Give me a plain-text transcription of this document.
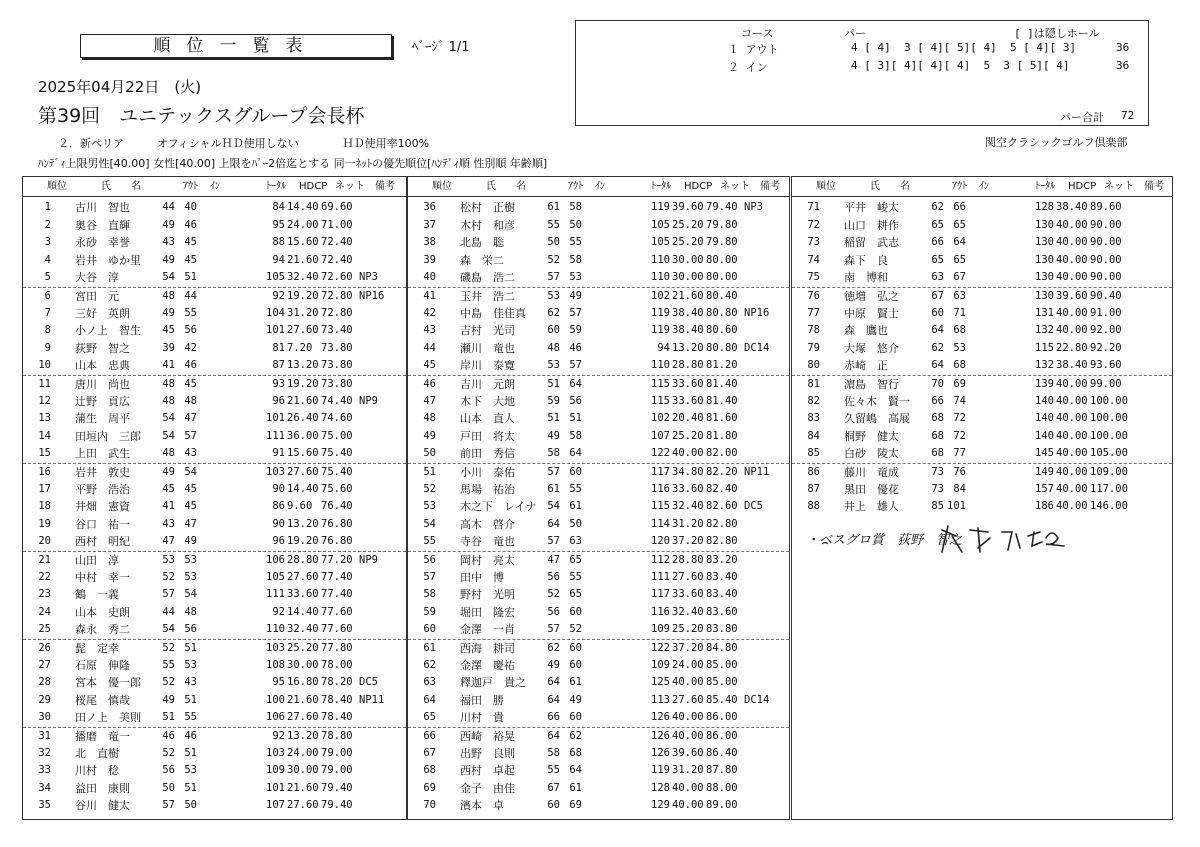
順位一覧表	ﾍﾞｰｼﾞ 1/1
コース	パー	[ ]は隠しホール
１ アウト	4 [ 4]  3 [ 4][ 5][ 4]  5 [ 4][ 3]	36
２ イン	4 [ 3][ 4][ 4][ 4]  5  3 [ 5][ 4]	36
パー合計 72
2025年04月22日　(火)
第39回　ユニテックスグループ会長杯
２．新ペリア　　　オフィシャルＨＤ使用しない　　　　ＨＤ使用率100%	関空クラシックゴルフ倶楽部
ﾊﾝﾃﾞｨ上限男性[40.00] 女性[40.00] 上限をﾊﾟｰ2倍迄とする 同一ﾈｯﾄの優先順位[ﾊﾝﾃﾞｨ順 性別順 年齢順]
順位	氏　　名	ｱｳﾄ ｲﾝ	ﾄｰﾀﾙ HDCP ネット 備考
1 古川　智也	44 40	84 14.40 69.60
2 奥谷　直輝	49 46	95 24.00 71.00
3 永砂　幸誉	43 45	88 15.60 72.40
4 岩井　ゆか里	49 45	94 21.60 72.40
5 大谷　淳	54 51	105 32.40 72.60 NP3
6 宮田　元	48 44	92 19.20 72.80 NP16
7 三好　英朗	49 55	104 31.20 72.80
8 小ノ上　智生	45 56	101 27.60 73.40
9 荻野　智之	39 42	81 7.20 73.80
10 山本　忠典	41 46	87 13.20 73.80
11 唐川　尚也	48 45	93 19.20 73.80
12 辻野　貢広	48 48	96 21.60 74.40 NP9
13 蒲生　周平	54 47	101 26.40 74.60
14 田垣内　三郎	54 57	111 36.00 75.00
15 上田　武生	48 43	91 15.60 75.40
16 岩井　敦史	49 54	103 27.60 75.40
17 平野　浩治	45 45	90 14.40 75.60
18 井畑　憲資	41 45	86 9.60 76.40
19 谷口　祐一	43 47	90 13.20 76.80
20 西村　明紀	47 49	96 19.20 76.80
21 山田　淳	53 53	106 28.80 77.20 NP9
22 中村　幸一	52 53	105 27.60 77.40
23 鶴　一義	57 54	111 33.60 77.40
24 山本　史朗	44 48	92 14.40 77.60
25 森永　秀二	54 56	110 32.40 77.60
26 髭　定幸	52 51	103 25.20 77.80
27 石原　伸隆	55 53	108 30.00 78.00
28 宮本　優一郎	52 43	95 16.80 78.20 DC5
29 桜尾　慎哉	49 51	100 21.60 78.40 NP11
30 田ノ上　美則	51 55	106 27.60 78.40
31 播磨　竜一	46 46	92 13.20 78.80
32 北　直樹	52 51	103 24.00 79.00
33 川村　稔	56 53	109 30.00 79.00
34 益田　康則	50 51	101 21.60 79.40
35 谷川　健太	57 50	107 27.60 79.40
順位	氏　　名	ｱｳﾄ ｲﾝ	ﾄｰﾀﾙ HDCP ネット 備考
36 松村　正樹	61 58	119 39.60 79.40 NP3
37 木村　和彦	55 50	105 25.20 79.80
38 北島　聡	50 55	105 25.20 79.80
39 森　栄二	52 58	110 30.00 80.00
40 磯島　浩二	57 53	110 30.00 80.00
41 玉井　浩二	53 49	102 21.60 80.40
42 中島　佳佳真	62 57	119 38.40 80.80 NP16
43 吉村　光司	60 59	119 38.40 80.60
44 瀬川　竜也	48 46	94 13.20 80.80 DC14
45 岸川　泰寛	53 57	110 28.80 81.20
46 吉川　元朗	51 64	115 33.60 81.40
47 木下　大地	59 56	115 33.60 81.40
48 山本　直人	51 51	102 20.40 81.60
49 戸田　将太	49 58	107 25.20 81.80
50 前田　秀信	58 64	122 40.00 82.00
51 小川　泰佑	57 60	117 34.80 82.20 NP11
52 馬場　祐治	61 55	116 33.60 82.40
53 木之下　レイナ	54 61	115 32.40 82.60 DC5
54 高木　啓介	64 50	114 31.20 82.80
55 寺谷　竜也	57 63	120 37.20 82.80
56 岡村　亮太	47 65	112 28.80 83.20
57 田中　博	56 55	111 27.60 83.40
58 野村　光明	52 65	117 33.60 83.40
59 堀田　隆宏	56 60	116 32.40 83.60
60 金澤　一肖	57 52	109 25.20 83.80
61 西海　耕司	62 60	122 37.20 84.80
62 金澤　慶祐	49 60	109 24.00 85.00
63 釋迦戸　貴之	64 61	125 40.00 85.00
64 福田　勝	64 49	113 27.60 85.40 DC14
65 川村　貴	66 60	126 40.00 86.00
66 西崎　裕晃	64 62	126 40.00 86.00
67 出野　良則	58 68	126 39.60 86.40
68 西村　卓起	55 64	119 31.20 87.80
69 金子　由佳	67 61	128 40.00 88.00
70 濱本　卓	60 69	129 40.00 89.00
・ベスグロ賞　荻野　智之
順位	氏　　名	ｱｳﾄ ｲﾝ	ﾄｰﾀﾙ HDCP ネット 備考
71 平井　峻太	62 66	128 38.40 89.60
72 山口　耕作	65 65	130 40.00 90.00
73 稲留　武志	66 64	130 40.00 90.00
74 森下　良	65 65	130 40.00 90.00
75 南　博和	63 67	130 40.00 90.00
76 徳増　弘之	67 63	130 39.60 90.40
77 中原　賢士	60 71	131 40.00 91.00
78 森　鷹也	64 68	132 40.00 92.00
79 大塚　悠介	62 53	115 22.80 92.20
80 赤崎　正	64 68	132 38.40 93.60
81 濵島　智行	70 69	139 40.00 99.00
82 佐々木　賢一	66 74	140 40.00 100.00
83 久留嶋　高展	68 72	140 40.00 100.00
84 桐野　健太	68 72	140 40.00 100.00
85 白砂　陵太	68 77	145 40.00 105.00
86 藤川　竜成	73 76	149 40.00 109.00
87 黒田　優花	73 84	157 40.00 117.00
88 井上　雄人	85 101	186 40.00 146.00
